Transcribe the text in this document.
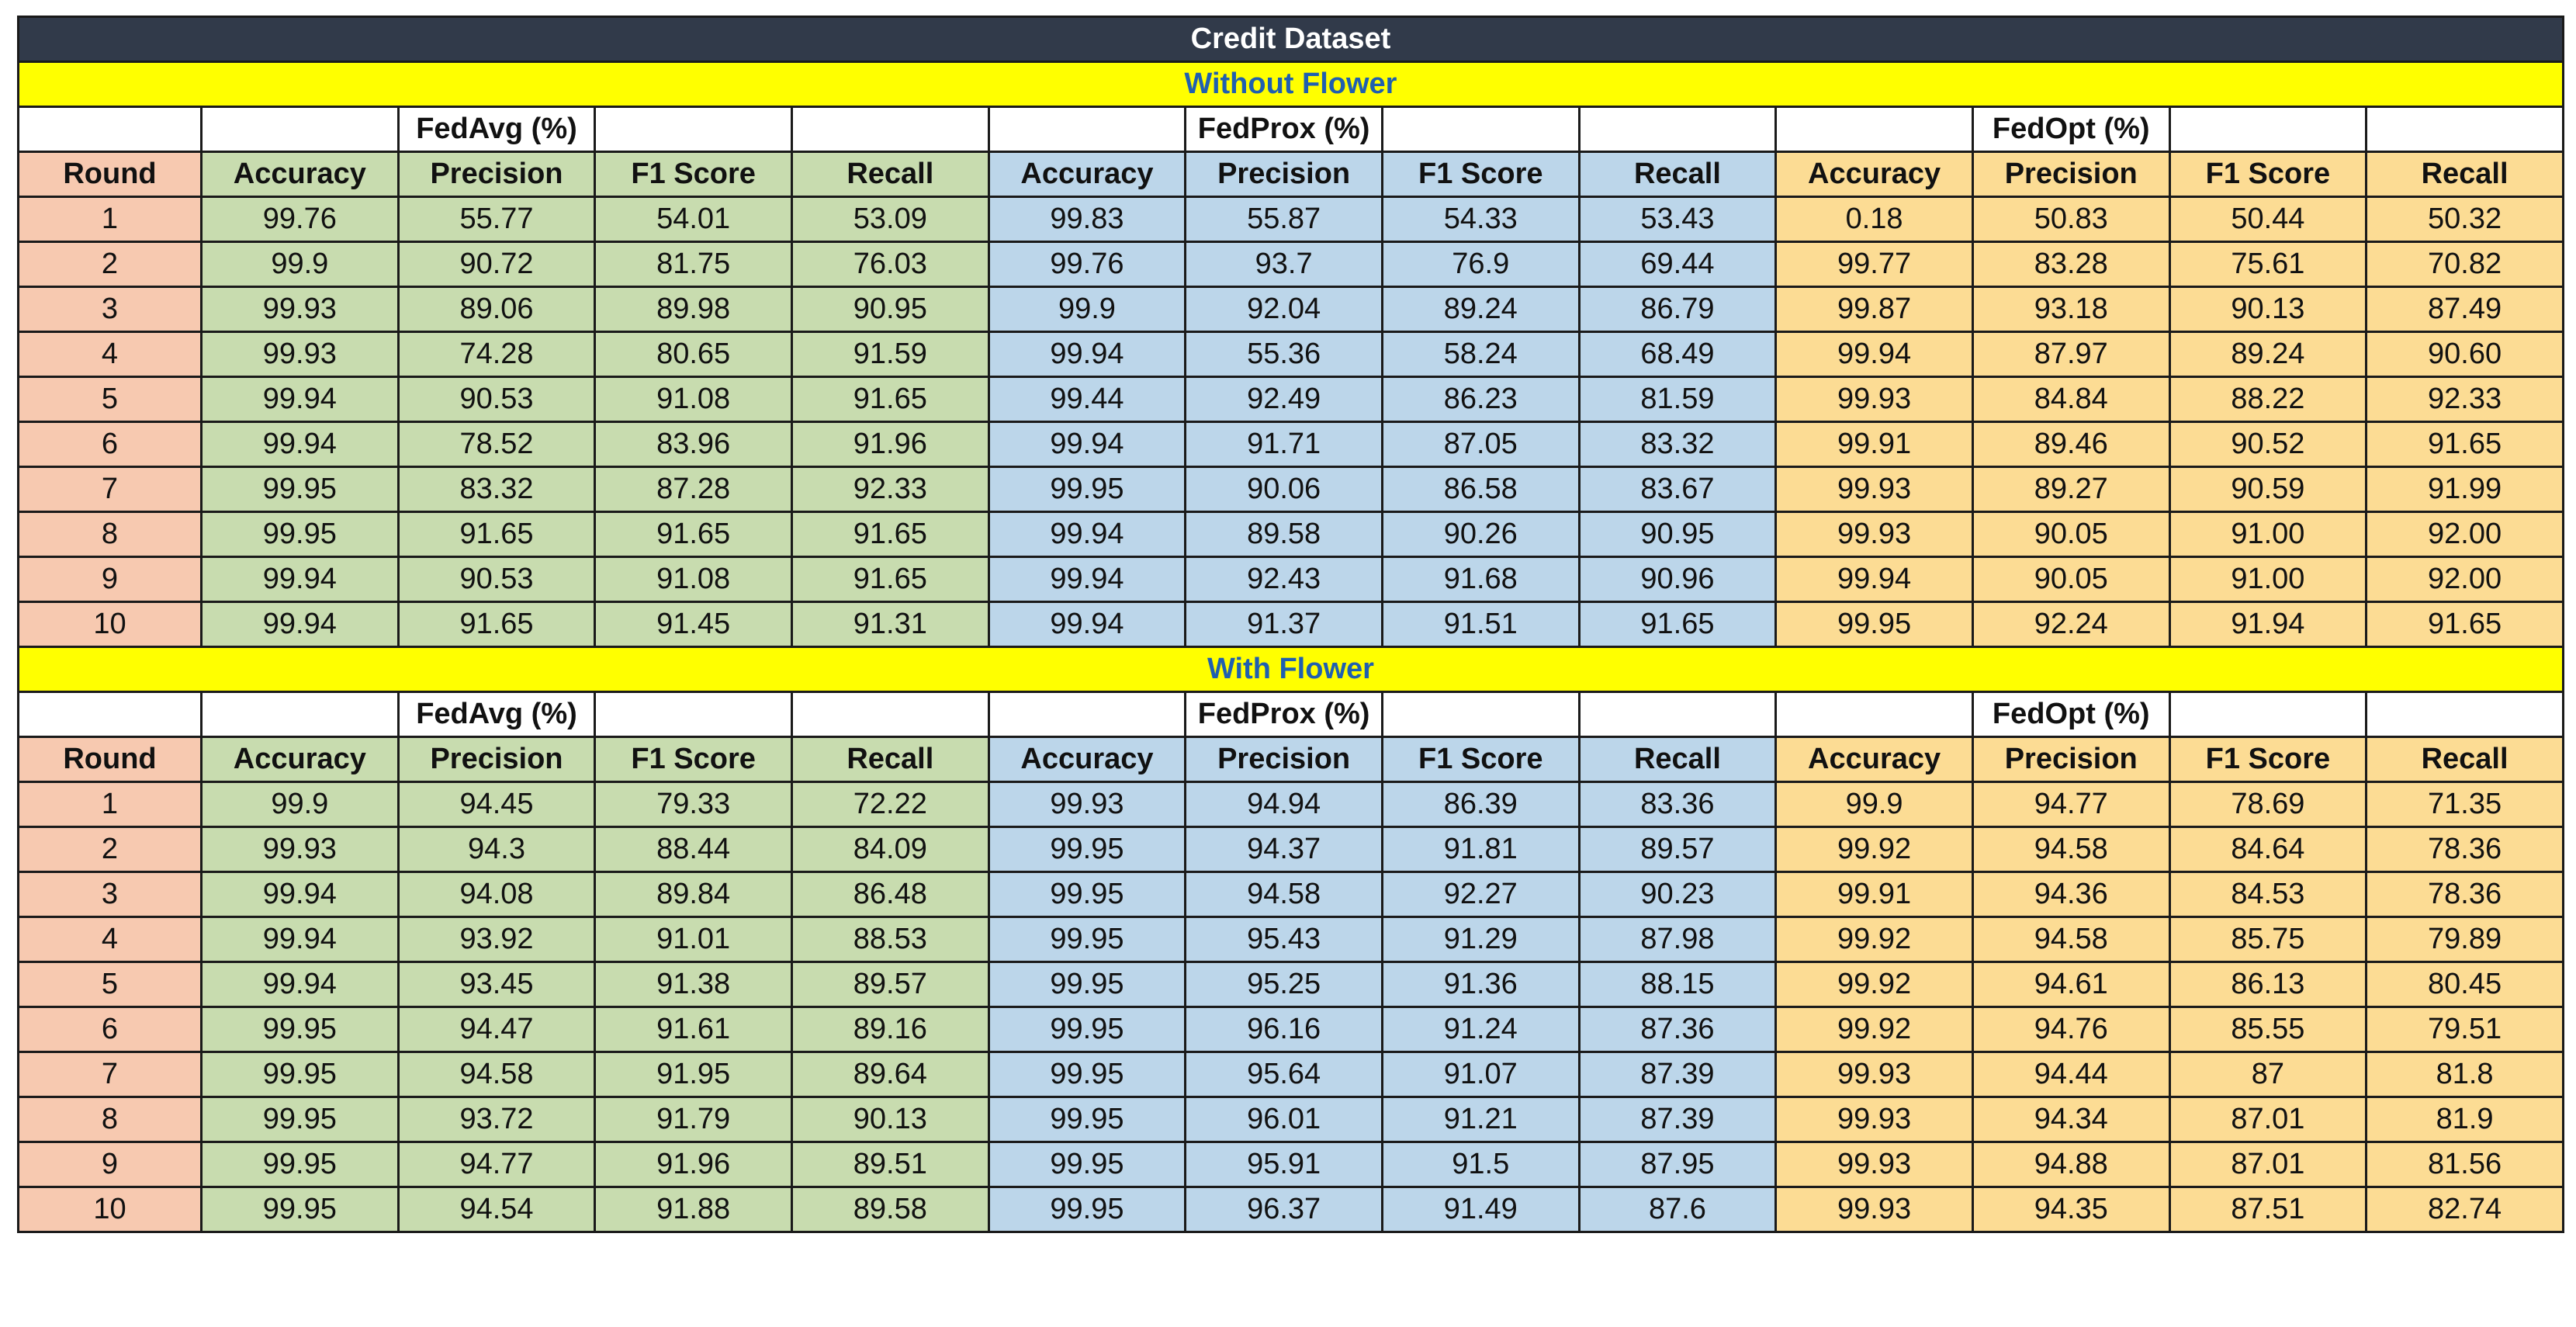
Credit Dataset												
Without Flower												
		FedAvg (%)				FedProx (%)				FedOpt (%)		
Round	Accuracy	Precision	F1 Score	Recall	Accuracy	Precision	F1 Score	Recall	Accuracy	Precision	F1 Score	Recall
1	99.76	55.77	54.01	53.09	99.83	55.87	54.33	53.43	0.18	50.83	50.44	50.32
2	99.9	90.72	81.75	76.03	99.76	93.7	76.9	69.44	99.77	83.28	75.61	70.82
3	99.93	89.06	89.98	90.95	99.9	92.04	89.24	86.79	99.87	93.18	90.13	87.49
4	99.93	74.28	80.65	91.59	99.94	55.36	58.24	68.49	99.94	87.97	89.24	90.60
5	99.94	90.53	91.08	91.65	99.44	92.49	86.23	81.59	99.93	84.84	88.22	92.33
6	99.94	78.52	83.96	91.96	99.94	91.71	87.05	83.32	99.91	89.46	90.52	91.65
7	99.95	83.32	87.28	92.33	99.95	90.06	86.58	83.67	99.93	89.27	90.59	91.99
8	99.95	91.65	91.65	91.65	99.94	89.58	90.26	90.95	99.93	90.05	91.00	92.00
9	99.94	90.53	91.08	91.65	99.94	92.43	91.68	90.96	99.94	90.05	91.00	92.00
10	99.94	91.65	91.45	91.31	99.94	91.37	91.51	91.65	99.95	92.24	91.94	91.65
With Flower												
		FedAvg (%)				FedProx (%)				FedOpt (%)		
Round	Accuracy	Precision	F1 Score	Recall	Accuracy	Precision	F1 Score	Recall	Accuracy	Precision	F1 Score	Recall
1	99.9	94.45	79.33	72.22	99.93	94.94	86.39	83.36	99.9	94.77	78.69	71.35
2	99.93	94.3	88.44	84.09	99.95	94.37	91.81	89.57	99.92	94.58	84.64	78.36
3	99.94	94.08	89.84	86.48	99.95	94.58	92.27	90.23	99.91	94.36	84.53	78.36
4	99.94	93.92	91.01	88.53	99.95	95.43	91.29	87.98	99.92	94.58	85.75	79.89
5	99.94	93.45	91.38	89.57	99.95	95.25	91.36	88.15	99.92	94.61	86.13	80.45
6	99.95	94.47	91.61	89.16	99.95	96.16	91.24	87.36	99.92	94.76	85.55	79.51
7	99.95	94.58	91.95	89.64	99.95	95.64	91.07	87.39	99.93	94.44	87	81.8
8	99.95	93.72	91.79	90.13	99.95	96.01	91.21	87.39	99.93	94.34	87.01	81.9
9	99.95	94.77	91.96	89.51	99.95	95.91	91.5	87.95	99.93	94.88	87.01	81.56
10	99.95	94.54	91.88	89.58	99.95	96.37	91.49	87.6	99.93	94.35	87.51	82.74
